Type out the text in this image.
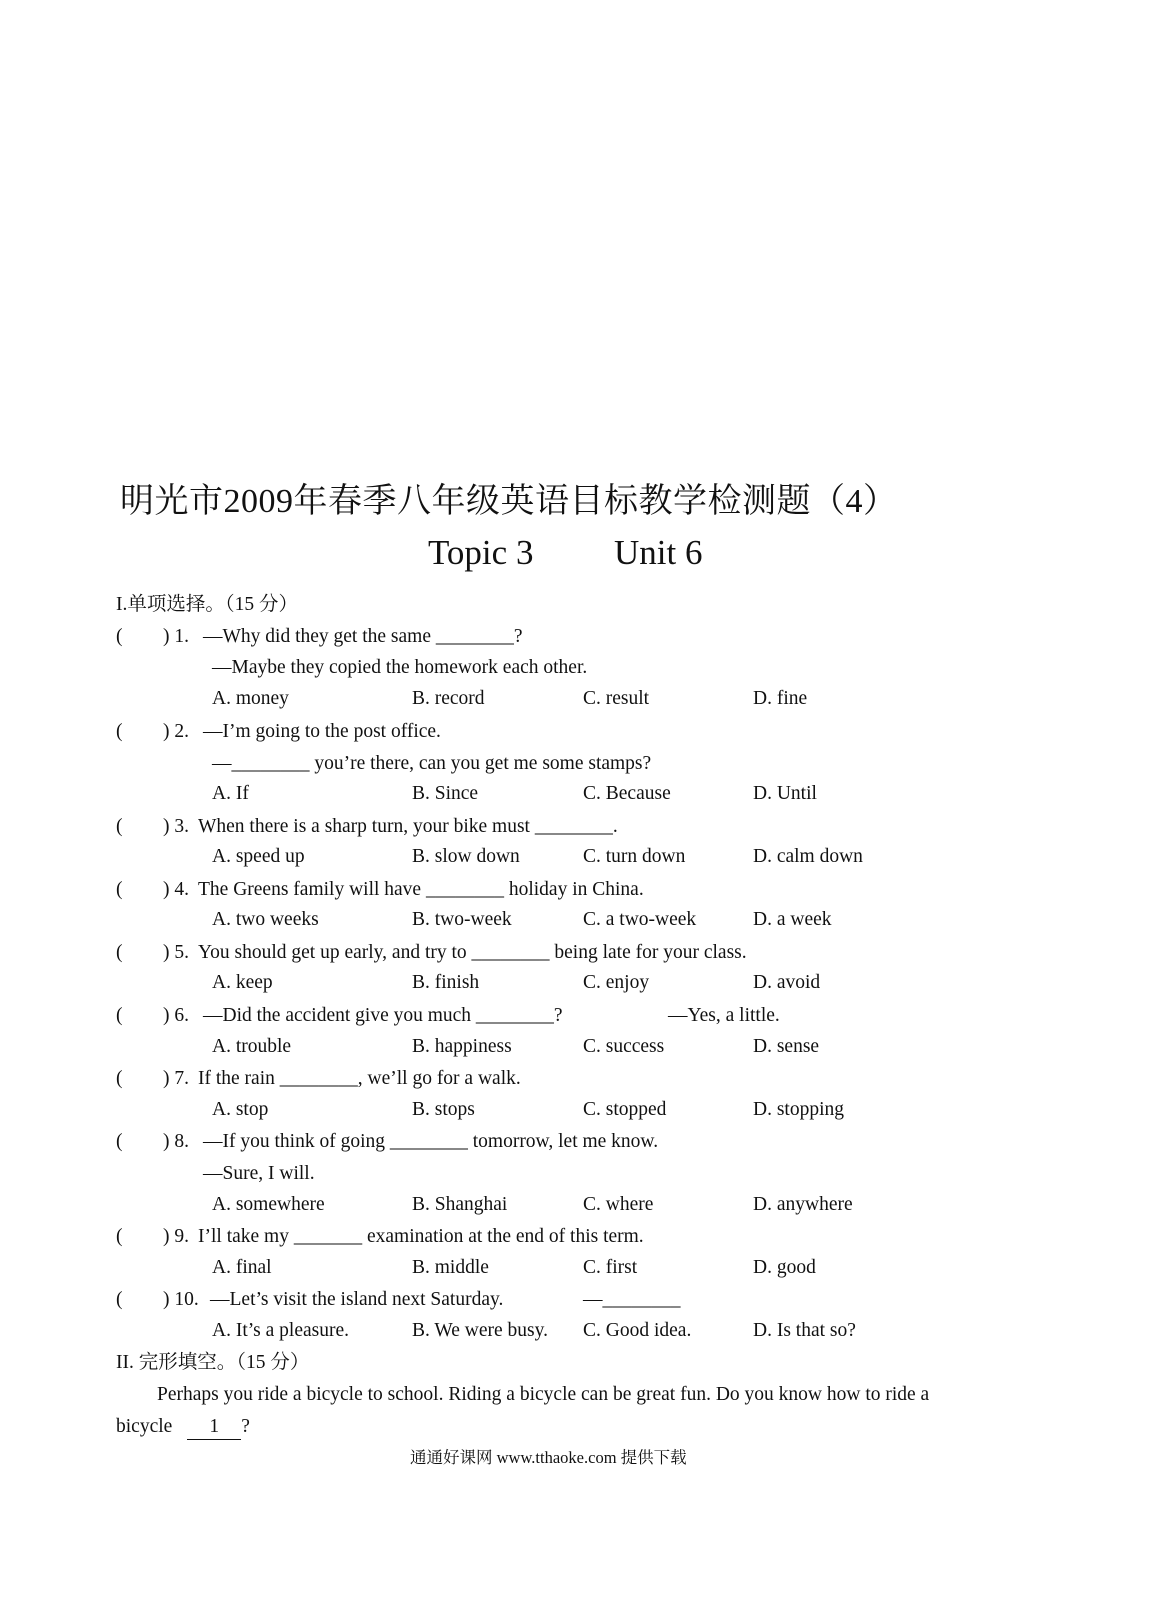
明光市2009年春季八年级英语目标教学检测题（4）
Topic 3 Unit 6
I.单项选择。（15 分）
( ) 1. —Why did they get the same ________?
—Maybe they copied the homework each other.
A. money	B. record	C. result	D. fine
( ) 2. —I’m going to the post office.
—________ you’re there, can you get me some stamps?
A. If	B. Since	C. Because	D. Until
( ) 3. When there is a sharp turn, your bike must ________.
A. speed up	B. slow down	C. turn down	D. calm down
( ) 4. The Greens family will have ________ holiday in China.
A. two weeks	B. two-week	C. a two-week	D. a week
( ) 5. You should get up early, and try to ________ being late for your class.
A. keep	B. finish	C. enjoy	D. avoid
( ) 6. —Did the accident give you much ________?	—Yes, a little.
A. trouble	B. happiness	C. success	D. sense
( ) 7. If the rain ________, we’ll go for a walk.
A. stop	B. stops	C. stopped	D. stopping
( ) 8. —If you think of going ________ tomorrow, let me know.
—Sure, I will.
A. somewhere	B. Shanghai	C. where	D. anywhere
( ) 9. I’ll take my _______ examination at the end of this term.
A. final	B. middle	C. first	D. good
( ) 10. —Let’s visit the island next Saturday.	—________
A. It’s a pleasure.	B. We were busy. C. Good idea.	D. Is that so?
II. 完形填空。（15 分）
Perhaps you ride a bicycle to school. Riding a bicycle can be great fun. Do you know how to ride a
bicycle 1 ?
通通好课网 www.tthaoke.com 提供下载
